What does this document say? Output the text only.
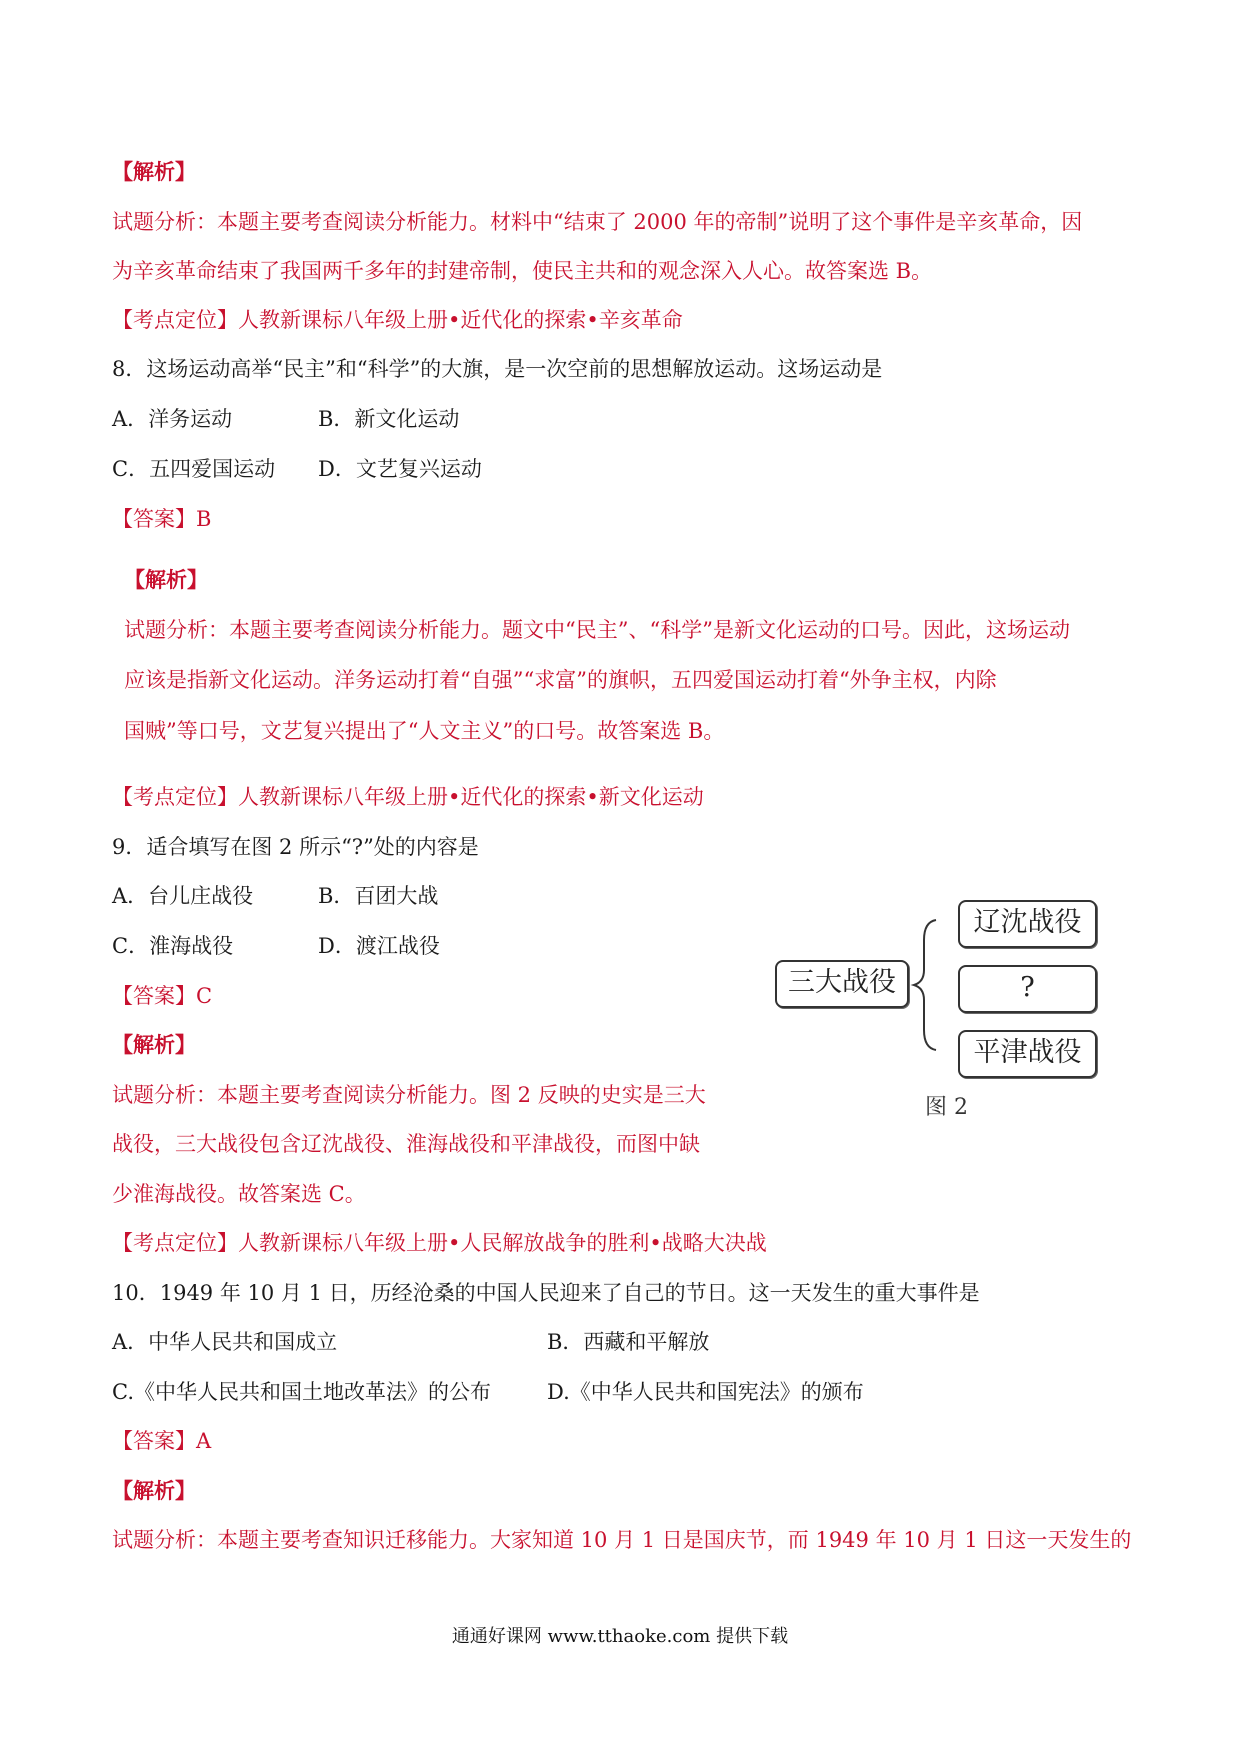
【解析】
试题分析：本题主要考查阅读分析能力。材料中“结束了 2000 年的帝制”说明了这个事件是辛亥革命，因
为辛亥革命结束了我国两千多年的封建帝制，使民主共和的观念深入人心。故答案选 B。
【考点定位】人教新课标八年级上册•近代化的探索•辛亥革命
8．这场运动高举“民主”和“科学”的大旗，是一次空前的思想解放运动。这场运动是
A．洋务运动	B．新文化运动
C．五四爱国运动 D．文艺复兴运动
【答案】B
【解析】
试题分析：本题主要考查阅读分析能力。题文中“民主”、“科学”是新文化运动的口号。因此，这场运动
应该是指新文化运动。洋务运动打着“自强”“求富”的旗帜，五四爱国运动打着“外争主权，内除
国贼”等口号，文艺复兴提出了“人文主义”的口号。故答案选 B。
【考点定位】人教新课标八年级上册•近代化的探索•新文化运动
9．适合填写在图 2 所示“?”处的内容是
A．台儿庄战役	B．百团大战
C．淮海战役	D．渡江战役
【答案】C
【解析】
试题分析：本题主要考查阅读分析能力。图 2 反映的史实是三大
战役，三大战役包含辽沈战役、淮海战役和平津战役，而图中缺
少淮海战役。故答案选 C。
【考点定位】人教新课标八年级上册•人民解放战争的胜利•战略大决战
三大战役
辽沈战役
?
平津战役
图 2
10．1949 年 10 月 1 日，历经沧桑的中国人民迎来了自己的节日。这一天发生的重大事件是
A．中华人民共和国成立	B．西藏和平解放
C.《中华人民共和国土地改革法》的公布	D.《中华人民共和国宪法》的颁布
【答案】A
【解析】
试题分析：本题主要考查知识迁移能力。大家知道 10 月 1 日是国庆节，而 1949 年 10 月 1 日这一天发生的
通通好课网 www.tthaoke.com 提供下载
